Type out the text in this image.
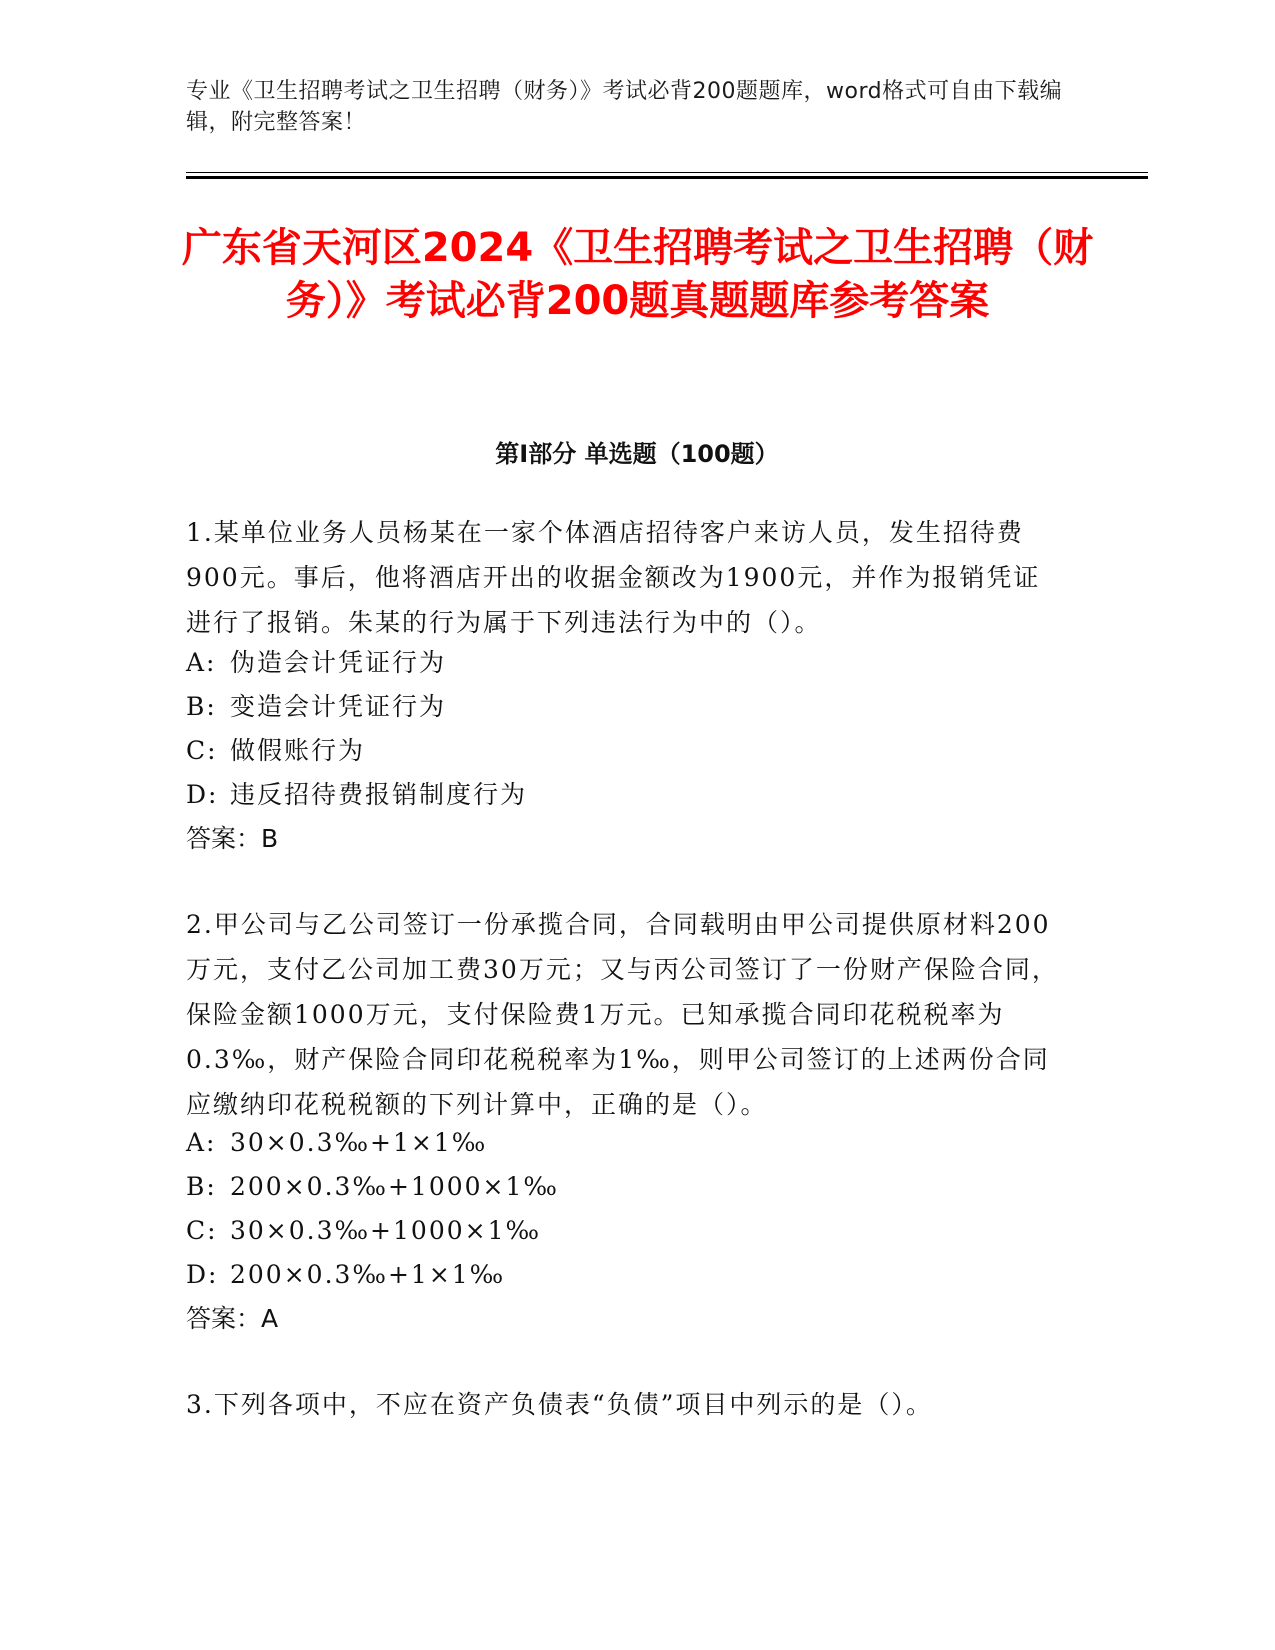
专业《卫生招聘考试之卫生招聘（财务）》考试必背200题题库，word格式可自由下载编辑，附完整答案！
广东省天河区2024《卫生招聘考试之卫生招聘（财务）》考试必背200题真题题库参考答案
第Ⅰ部分 单选题（100题）
1.某单位业务人员杨某在一家个体酒店招待客户来访人员，发生招待费900元。事后，他将酒店开出的收据金额改为1900元，并作为报销凭证进行了报销。朱某的行为属于下列违法行为中的（）。
A: 伪造会计凭证行为
B: 变造会计凭证行为
C: 做假账行为
D: 违反招待费报销制度行为
答案：B
2.甲公司与乙公司签订一份承揽合同，合同载明由甲公司提供原材料200万元，支付乙公司加工费30万元；又与丙公司签订了一份财产保险合同，保险金额1000万元，支付保险费1万元。已知承揽合同印花税税率为0.3‰，财产保险合同印花税税率为1‰，则甲公司签订的上述两份合同应缴纳印花税税额的下列计算中，正确的是（）。
A: 30×0.3‰+1×1‰
B: 200×0.3‰+1000×1‰
C: 30×0.3‰+1000×1‰
D: 200×0.3‰+1×1‰
答案：A
3.下列各项中，不应在资产负债表“负债”项目中列示的是（）。
